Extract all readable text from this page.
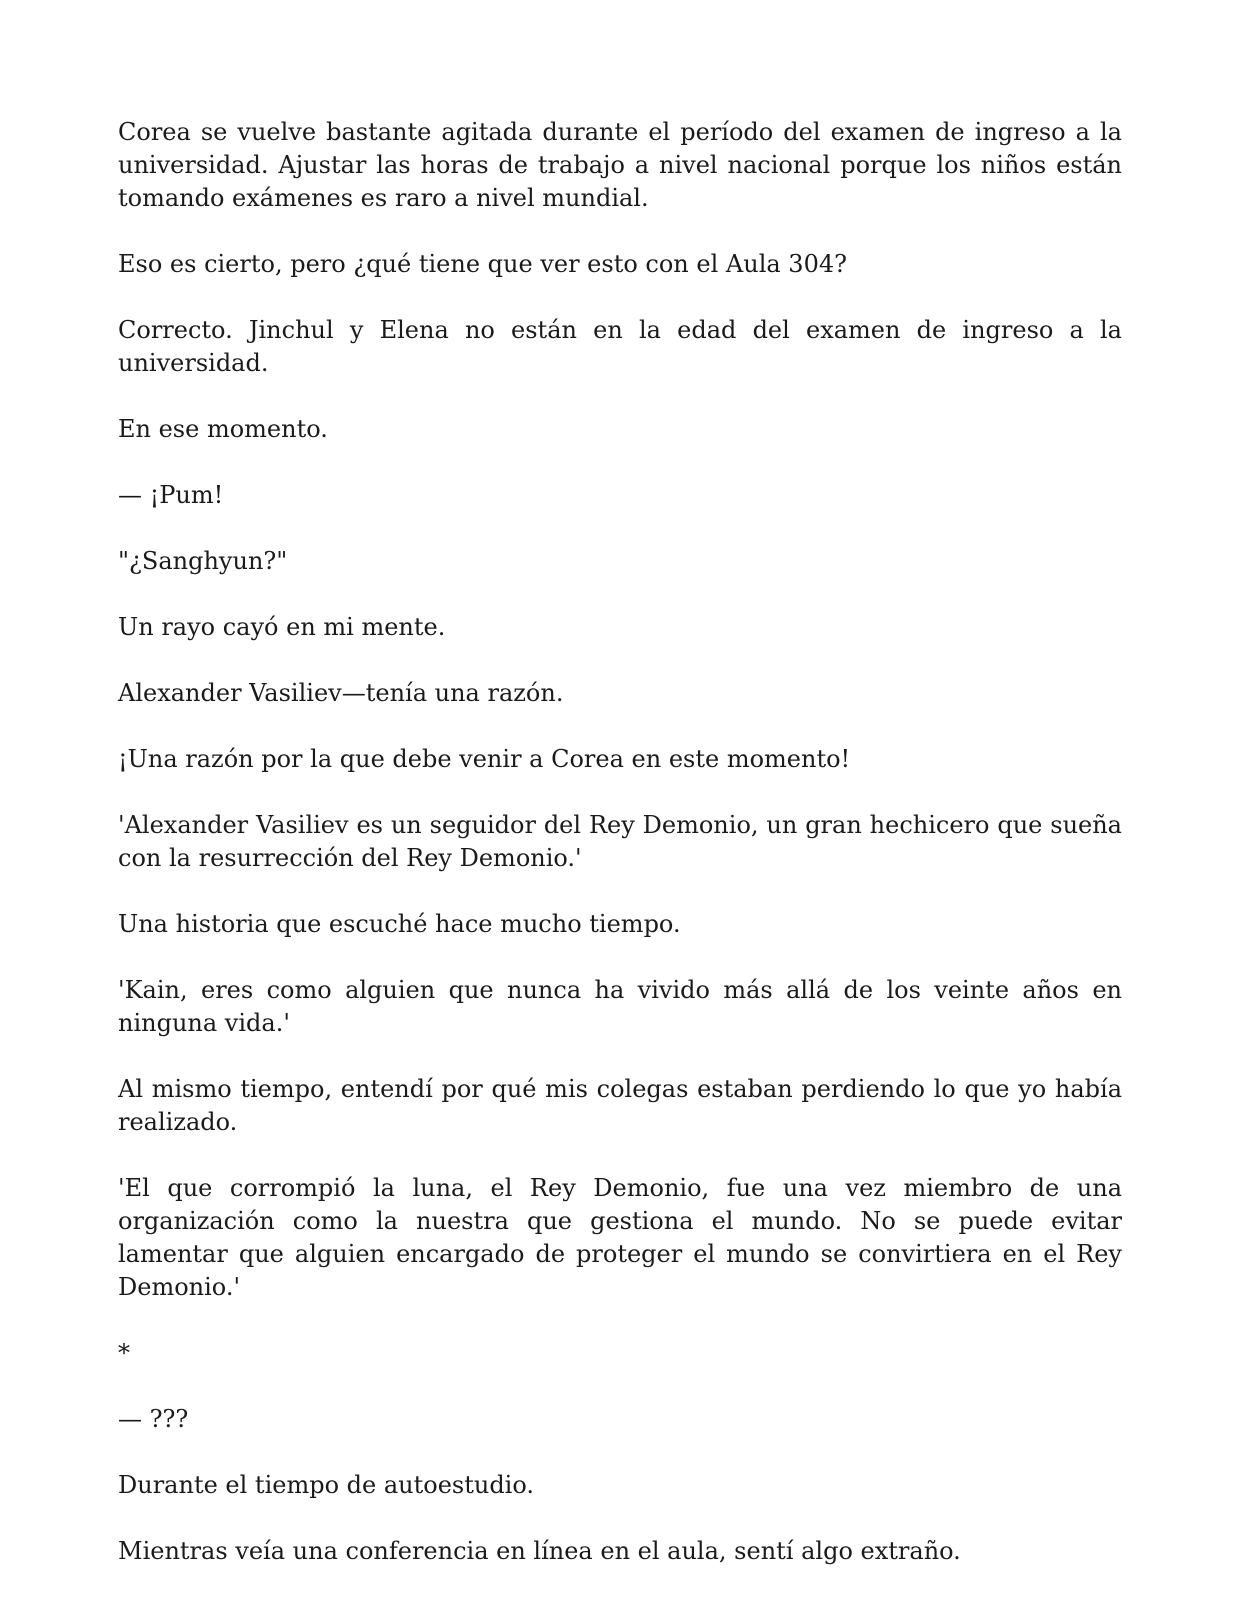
Corea se vuelve bastante agitada durante el período del examen de ingreso a la universidad. Ajustar las horas de trabajo a nivel nacional porque los niños están tomando exámenes es raro a nivel mundial.

Eso es cierto, pero ¿qué tiene que ver esto con el Aula 304?

Correcto. Jinchul y Elena no están en la edad del examen de ingreso a la universidad.

En ese momento.

— ¡Pum!

"¿Sanghyun?"

Un rayo cayó en mi mente.

Alexander Vasiliev—tenía una razón.

¡Una razón por la que debe venir a Corea en este momento!

'Alexander Vasiliev es un seguidor del Rey Demonio, un gran hechicero que sueña con la resurrección del Rey Demonio.'

Una historia que escuché hace mucho tiempo.

'Kain, eres como alguien que nunca ha vivido más allá de los veinte años en ninguna vida.'

Al mismo tiempo, entendí por qué mis colegas estaban perdiendo lo que yo había realizado.

'El que corrompió la luna, el Rey Demonio, fue una vez miembro de una organización como la nuestra que gestiona el mundo. No se puede evitar lamentar que alguien encargado de proteger el mundo se convirtiera en el Rey Demonio.'

*

— ???

Durante el tiempo de autoestudio.

Mientras veía una conferencia en línea en el aula, sentí algo extraño.
